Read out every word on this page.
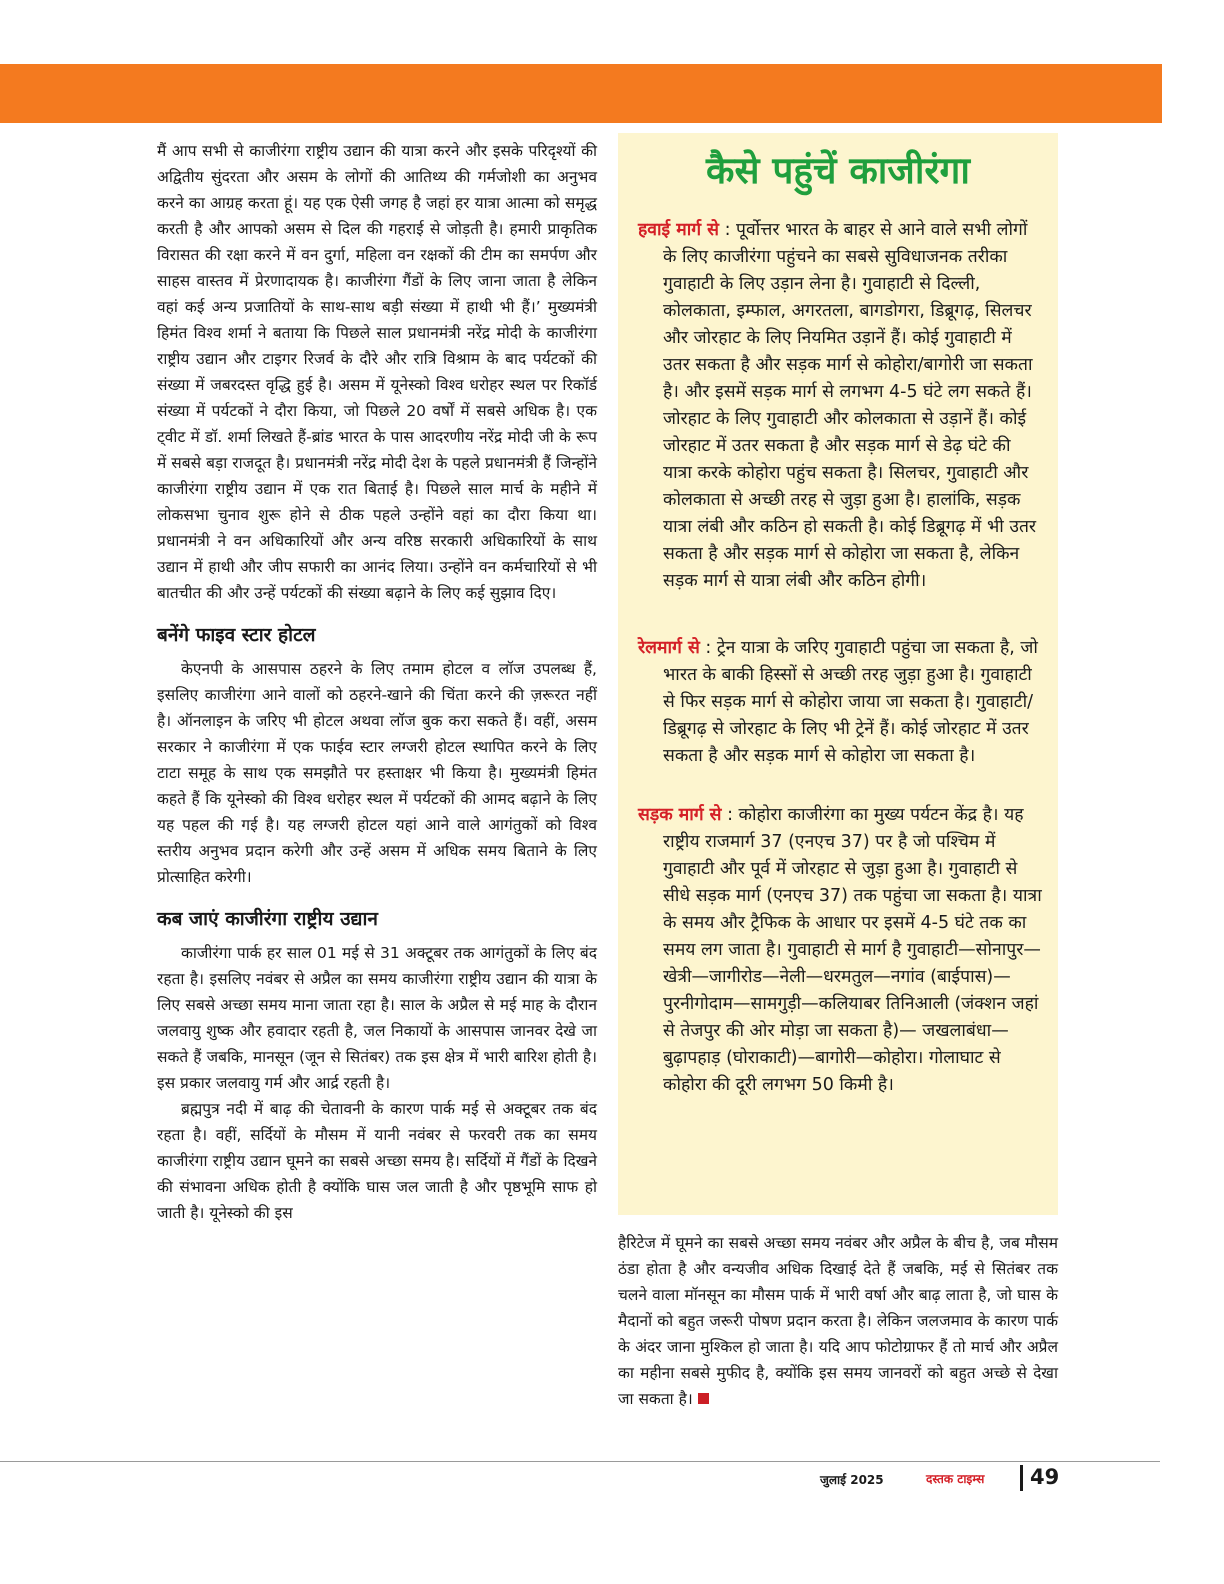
मैं आप सभी से काजीरंगा राष्ट्रीय उद्यान की यात्रा करने और इसके परिदृश्यों की अद्वितीय सुंदरता और असम के लोगों की आतिथ्य की गर्मजोशी का अनुभव करने का आग्रह करता हूं। यह एक ऐसी जगह है जहां हर यात्रा आत्मा को समृद्ध करती है और आपको असम से दिल की गहराई से जोड़ती है। हमारी प्राकृतिक विरासत की रक्षा करने में वन दुर्गा, महिला वन रक्षकों की टीम का समर्पण और साहस वास्तव में प्रेरणादायक है। काजीरंगा गैंडों के लिए जाना जाता है लेकिन वहां कई अन्य प्रजातियों के साथ-साथ बड़ी संख्या में हाथी भी हैं।’ मुख्यमंत्री हिमंत विश्व शर्मा ने बताया कि पिछले साल प्रधानमंत्री नरेंद्र मोदी के काजीरंगा राष्ट्रीय उद्यान और टाइगर रिजर्व के दौरे और रात्रि विश्राम के बाद पर्यटकों की संख्या में जबरदस्त वृद्धि हुई है। असम में यूनेस्को विश्व धरोहर स्थल पर रिकॉर्ड संख्या में पर्यटकों ने दौरा किया, जो पिछले 20 वर्षों में सबसे अधिक है। एक ट्वीट में डॉ. शर्मा लिखते हैं-ब्रांड भारत के पास आदरणीय नरेंद्र मोदी जी के रूप में सबसे बड़ा राजदूत है। प्रधानमंत्री नरेंद्र मोदी देश के पहले प्रधानमंत्री हैं जिन्होंने काजीरंगा राष्ट्रीय उद्यान में एक रात बिताई है। पिछले साल मार्च के महीने में लोकसभा चुनाव शुरू होने से ठीक पहले उन्होंने वहां का दौरा किया था। प्रधानमंत्री ने वन अधिकारियों और अन्य वरिष्ठ सरकारी अधिकारियों के साथ उद्यान में हाथी और जीप सफारी का आनंद लिया। उन्होंने वन कर्मचारियों से भी बातचीत की और उन्हें पर्यटकों की संख्या बढ़ाने के लिए कई सुझाव दिए।

बनेंगे फाइव स्टार होटल

केएनपी के आसपास ठहरने के लिए तमाम होटल व लॉज उपलब्ध हैं, इसलिए काजीरंगा आने वालों को ठहरने-खाने की चिंता करने की ज़रूरत नहीं है। ऑनलाइन के जरिए भी होटल अथवा लॉज बुक करा सकते हैं। वहीं, असम सरकार ने काजीरंगा में एक फाईव स्टार लग्जरी होटल स्थापित करने के लिए टाटा समूह के साथ एक समझौते पर हस्ताक्षर भी किया है। मुख्यमंत्री हिमंत कहते हैं कि यूनेस्को की विश्व धरोहर स्थल में पर्यटकों की आमद बढ़ाने के लिए यह पहल की गई है। यह लग्जरी होटल यहां आने वाले आगंतुकों को विश्व स्तरीय अनुभव प्रदान करेगी और उन्हें असम में अधिक समय बिताने के लिए प्रोत्साहित करेगी।

कब जाएं काजीरंगा राष्ट्रीय उद्यान

काजीरंगा पार्क हर साल 01 मई से 31 अक्टूबर तक आगंतुकों के लिए बंद रहता है। इसलिए नवंबर से अप्रैल का समय काजीरंगा राष्ट्रीय उद्यान की यात्रा के लिए सबसे अच्छा समय माना जाता रहा है। साल के अप्रैल से मई माह के दौरान जलवायु शुष्क और हवादार रहती है, जल निकायों के आसपास जानवर देखे जा सकते हैं जबकि, मानसून (जून से सितंबर) तक इस क्षेत्र में भारी बारिश होती है। इस प्रकार जलवायु गर्म और आर्द्र रहती है।

ब्रह्मपुत्र नदी में बाढ़ की चेतावनी के कारण पार्क मई से अक्टूबर तक बंद रहता है। वहीं, सर्दियों के मौसम में यानी नवंबर से फरवरी तक का समय काजीरंगा राष्ट्रीय उद्यान घूमने का सबसे अच्छा समय है। सर्दियों में गैंडों के दिखने की संभावना अधिक होती है क्योंकि घास जल जाती है और पृष्ठभूमि साफ हो जाती है। यूनेस्को की इस

कैसे पहुंचें काजीरंगा
हवाई मार्ग से : पूर्वोत्तर भारत के बाहर से आने वाले सभी लोगों के लिए काजीरंगा पहुंचने का सबसे सुविधाजनक तरीका गुवाहाटी के लिए उड़ान लेना है। गुवाहाटी से दिल्ली, कोलकाता, इम्फाल, अगरतला, बागडोगरा, डिब्रूगढ़, सिलचर और जोरहाट के लिए नियमित उड़ानें हैं। कोई गुवाहाटी में उतर सकता है और सड़क मार्ग से कोहोरा/बागोरी जा सकता है। और इसमें सड़क मार्ग से लगभग 4-5 घंटे लग सकते हैं। जोरहाट के लिए गुवाहाटी और कोलकाता से उड़ानें हैं। कोई जोरहाट में उतर सकता है और सड़क मार्ग से डेढ़ घंटे की यात्रा करके कोहोरा पहुंच सकता है। सिलचर, गुवाहाटी और कोलकाता से अच्छी तरह से जुड़ा हुआ है। हालांकि, सड़क यात्रा लंबी और कठिन हो सकती है। कोई डिब्रूगढ़ में भी उतर सकता है और सड़क मार्ग से कोहोरा जा सकता है, लेकिन सड़क मार्ग से यात्रा लंबी और कठिन होगी।
रेलमार्ग से : ट्रेन यात्रा के जरिए गुवाहाटी पहुंचा जा सकता है, जो भारत के बाकी हिस्सों से अच्छी तरह जुड़ा हुआ है। गुवाहाटी से फिर सड़क मार्ग से कोहोरा जाया जा सकता है। गुवाहाटी/डिब्रूगढ़ से जोरहाट के लिए भी ट्रेनें हैं। कोई जोरहाट में उतर सकता है और सड़क मार्ग से कोहोरा जा सकता है।
सड़क मार्ग से : कोहोरा काजीरंगा का मुख्य पर्यटन केंद्र है। यह राष्ट्रीय राजमार्ग 37 (एनएच 37) पर है जो पश्चिम में गुवाहाटी और पूर्व में जोरहाट से जुड़ा हुआ है। गुवाहाटी से सीधे सड़क मार्ग (एनएच 37) तक पहुंचा जा सकता है। यात्रा के समय और ट्रैफिक के आधार पर इसमें 4-5 घंटे तक का समय लग जाता है। गुवाहाटी से मार्ग है गुवाहाटी—सोनापुर—खेत्री—जागीरोड—नेली—धरमतुल—नगांव (बाईपास)—पुरनीगोदाम—सामगुड़ी—कलियाबर तिनिआली (जंक्शन जहां से तेजपुर की ओर मोड़ा जा सकता है)— जखलाबंधा—बुढ़ापहाड़ (घोराकाटी)—बागोरी—कोहोरा। गोलाघाट से कोहोरा की दूरी लगभग 50 किमी है।

हैरिटेज में घूमने का सबसे अच्छा समय नवंबर और अप्रैल के बीच है, जब मौसम ठंडा होता है और वन्यजीव अधिक दिखाई देते हैं जबकि, मई से सितंबर तक चलने वाला मॉनसून का मौसम पार्क में भारी वर्षा और बाढ़ लाता है, जो घास के मैदानों को बहुत जरूरी पोषण प्रदान करता है। लेकिन जलजमाव के कारण पार्क के अंदर जाना मुश्किल हो जाता है। यदि आप फोटोग्राफर हैं तो मार्च और अप्रैल का महीना सबसे मुफीद है, क्योंकि इस समय जानवरों को बहुत अच्छे से देखा जा सकता है।

जुलाई 2025	दस्तक टाइम्स 49
